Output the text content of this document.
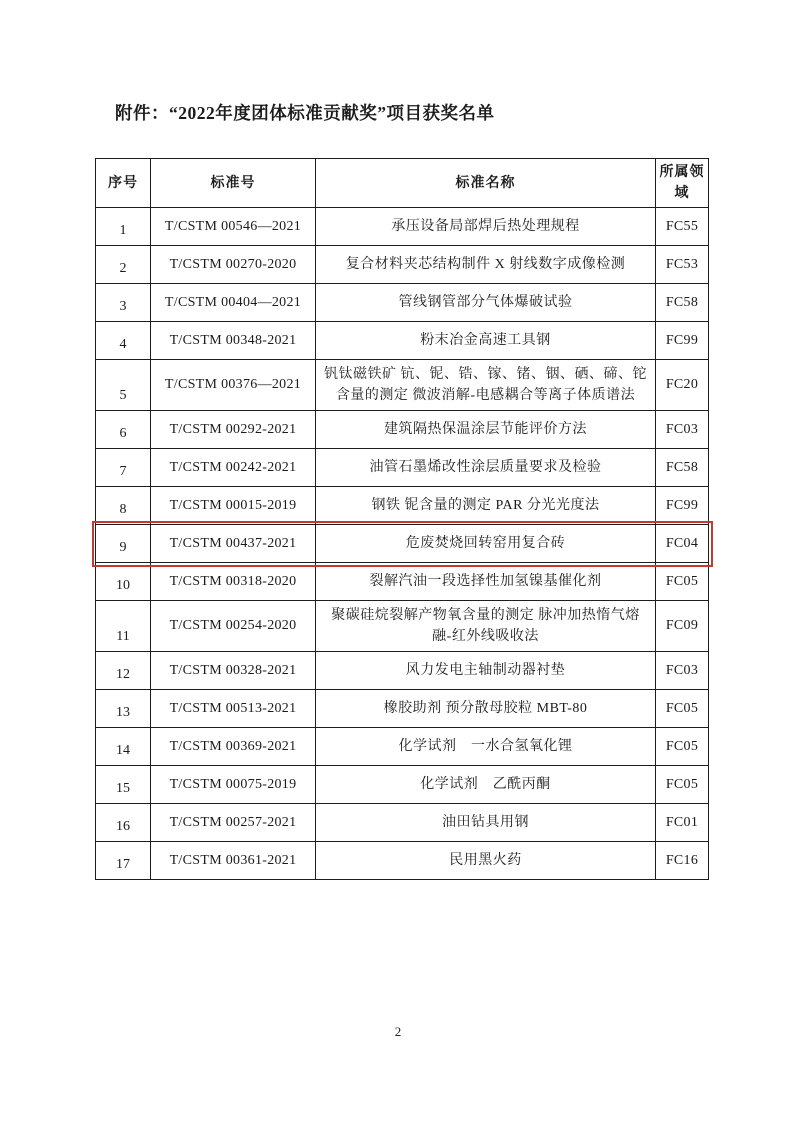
附件：“2022年度团体标准贡献奖”项目获奖名单
序号	标准号	标准名称	所属领域
1	T/CSTM 00546—2021	承压设备局部焊后热处理规程	FC55
2	T/CSTM 00270-2020	复合材料夹芯结构制件 X 射线数字成像检测	FC53
3	T/CSTM 00404—2021	管线钢管部分气体爆破试验	FC58
4	T/CSTM 00348-2021	粉末冶金高速工具钢	FC99
5	T/CSTM 00376—2021	钒钛磁铁矿 钪、铌、锆、镓、锗、铟、硒、碲、铊含量的测定 微波消解-电感耦合等离子体质谱法	FC20
6	T/CSTM 00292-2021	建筑隔热保温涂层节能评价方法	FC03
7	T/CSTM 00242-2021	油管石墨烯改性涂层质量要求及检验	FC58
8	T/CSTM 00015-2019	钢铁 铌含量的测定 PAR 分光光度法	FC99
9	T/CSTM 00437-2021	危废焚烧回转窑用复合砖	FC04
10	T/CSTM 00318-2020	裂解汽油一段选择性加氢镍基催化剂	FC05
11	T/CSTM 00254-2020	聚碳硅烷裂解产物氧含量的测定 脉冲加热惰气熔融-红外线吸收法	FC09
12	T/CSTM 00328-2021	风力发电主轴制动器衬垫	FC03
13	T/CSTM 00513-2021	橡胶助剂 预分散母胶粒 MBT-80	FC05
14	T/CSTM 00369-2021	化学试剂　一水合氢氧化锂	FC05
15	T/CSTM 00075-2019	化学试剂　乙酰丙酮	FC05
16	T/CSTM 00257-2021	油田钻具用钢	FC01
17	T/CSTM 00361-2021	民用黑火药	FC16
2
